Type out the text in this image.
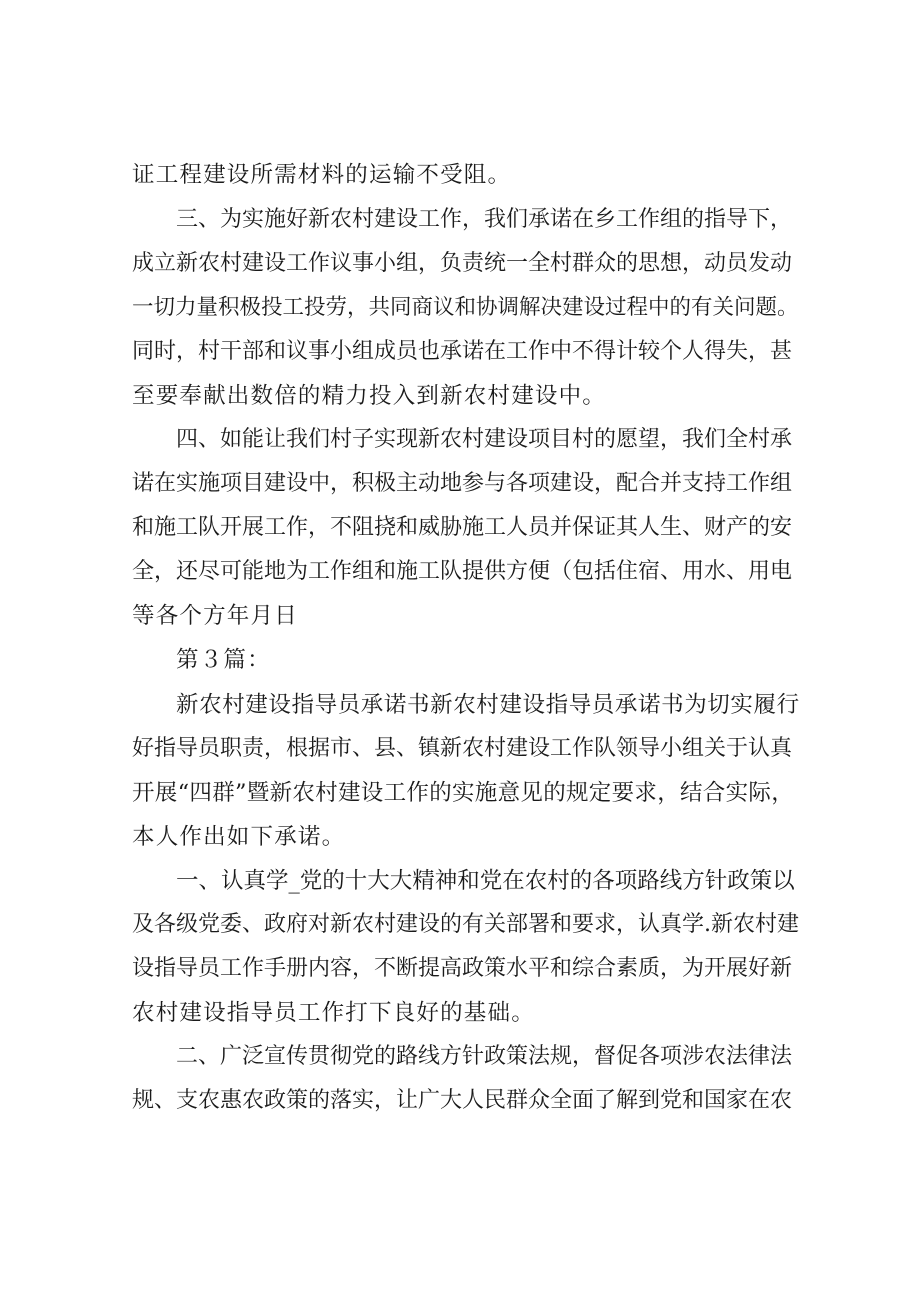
证工程建设所需材料的运输不受阻。
三、为实施好新农村建设工作，我们承诺在乡工作组的指导下，
成立新农村建设工作议事小组，负责统一全村群众的思想，动员发动
一切力量积极投工投劳，共同商议和协调解决建设过程中的有关问题。
同时，村干部和议事小组成员也承诺在工作中不得计较个人得失，甚
至要奉献出数倍的精力投入到新农村建设中。
四、如能让我们村子实现新农村建设项目村的愿望，我们全村承
诺在实施项目建设中，积极主动地参与各项建设，配合并支持工作组
和施工队开展工作，不阻挠和威胁施工人员并保证其人生、财产的安
全，还尽可能地为工作组和施工队提供方便（包括住宿、用水、用电
等各个方年月日
第３篇：
新农村建设指导员承诺书新农村建设指导员承诺书为切实履行
好指导员职责，根据市、县、镇新农村建设工作队领导小组关于认真
开展“四群”暨新农村建设工作的实施意见的规定要求，结合实际，
本人作出如下承诺。
一、认真学_党的十大大精神和党在农村的各项路线方针政策以
及各级党委、政府对新农村建设的有关部署和要求，认真学.新农村建
设指导员工作手册内容，不断提高政策水平和综合素质，为开展好新
农村建设指导员工作打下良好的基础。
二、广泛宣传贯彻党的路线方针政策法规，督促各项涉农法律法
规、支农惠农政策的落实，让广大人民群众全面了解到党和国家在农
